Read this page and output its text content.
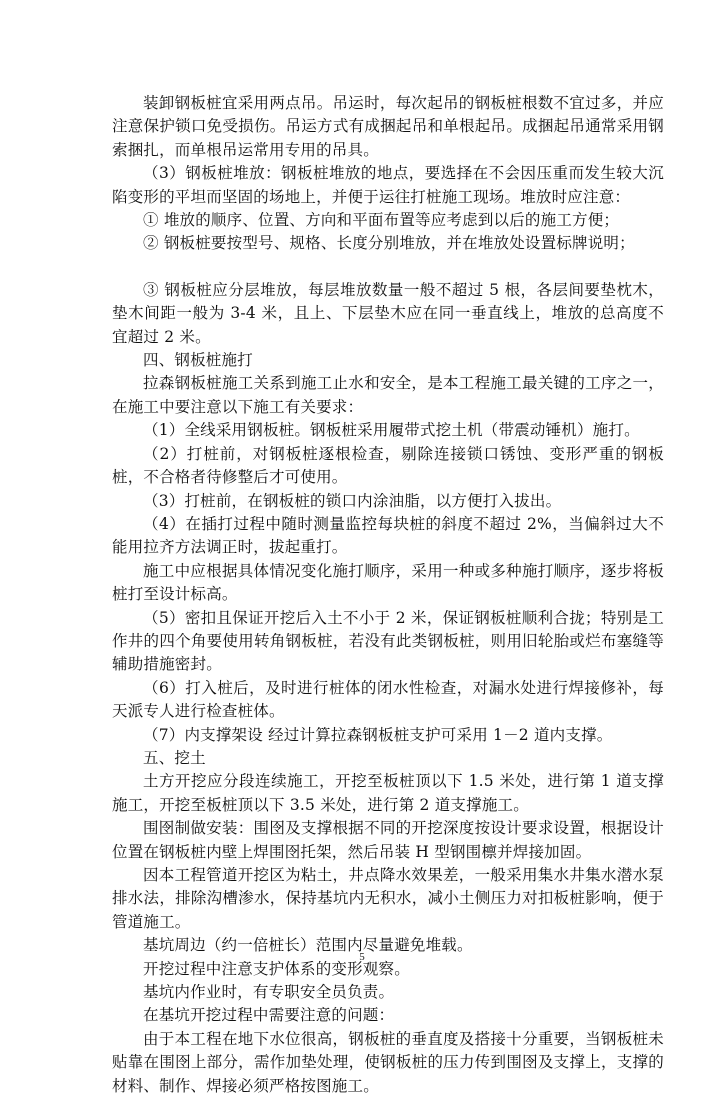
装卸钢板桩宜采用两点吊。吊运时，每次起吊的钢板桩根数不宜过多，并应注意保护锁口免受损伤。吊运方式有成捆起吊和单根起吊。成捆起吊通常采用钢索捆扎，而单根吊运常用专用的吊具。

（3）钢板桩堆放：钢板桩堆放的地点，要选择在不会因压重而发生较大沉陷变形的平坦而坚固的场地上，并便于运往打桩施工现场。堆放时应注意：

① 堆放的顺序、位置、方向和平面布置等应考虑到以后的施工方便；

② 钢板桩要按型号、规格、长度分别堆放，并在堆放处设置标牌说明；

③ 钢板桩应分层堆放，每层堆放数量一般不超过 5 根，各层间要垫枕木，垫木间距一般为 3-4 米，且上、下层垫木应在同一垂直线上，堆放的总高度不宜超过 2 米。

四、钢板桩施打

拉森钢板桩施工关系到施工止水和安全，是本工程施工最关键的工序之一，在施工中要注意以下施工有关要求：

（1）全线采用钢板桩。钢板桩采用履带式挖土机（带震动锤机）施打。

（2）打桩前，对钢板桩逐根检查，剔除连接锁口锈蚀、变形严重的钢板桩，不合格者待修整后才可使用。

（3）打桩前，在钢板桩的锁口内涂油脂，以方便打入拔出。

（4）在插打过程中随时测量监控每块桩的斜度不超过 2%，当偏斜过大不能用拉齐方法调正时，拔起重打。

施工中应根据具体情况变化施打顺序，采用一种或多种施打顺序，逐步将板桩打至设计标高。

（5）密扣且保证开挖后入土不小于 2 米，保证钢板桩顺利合拢；特别是工作井的四个角要使用转角钢板桩，若没有此类钢板桩，则用旧轮胎或烂布塞缝等辅助措施密封。

（6）打入桩后，及时进行桩体的闭水性检查，对漏水处进行焊接修补，每天派专人进行检查桩体。

（7）内支撑架设 经过计算拉森钢板桩支护可采用 1－2 道内支撑。

五、挖土

土方开挖应分段连续施工，开挖至板桩顶以下 1.5 米处，进行第 1 道支撑施工，开挖至板桩顶以下 3.5 米处，进行第 2 道支撑施工。

围囹制做安装：围囹及支撑根据不同的开挖深度按设计要求设置，根据设计位置在钢板桩内壁上焊围囹托架，然后吊装 H 型钢围檩并焊接加固。

因本工程管道开挖区为粘土，井点降水效果差，一般采用集水井集水潜水泵排水法，排除沟槽渗水，保持基坑内无积水，减小土侧压力对扣板桩影响，便于管道施工。

基坑周边（约一倍桩长）范围内尽量避免堆载。

开挖过程中注意支护体系的变形观察。

基坑内作业时，有专职安全员负责。

在基坑开挖过程中需要注意的问题：

由于本工程在地下水位很高，钢板桩的垂直度及搭接十分重要，当钢板桩未贴靠在围囹上部分，需作加垫处理，使钢板桩的压力传到围囹及支撑上，支撑的材料、制作、焊接必须严格按图施工。

5
